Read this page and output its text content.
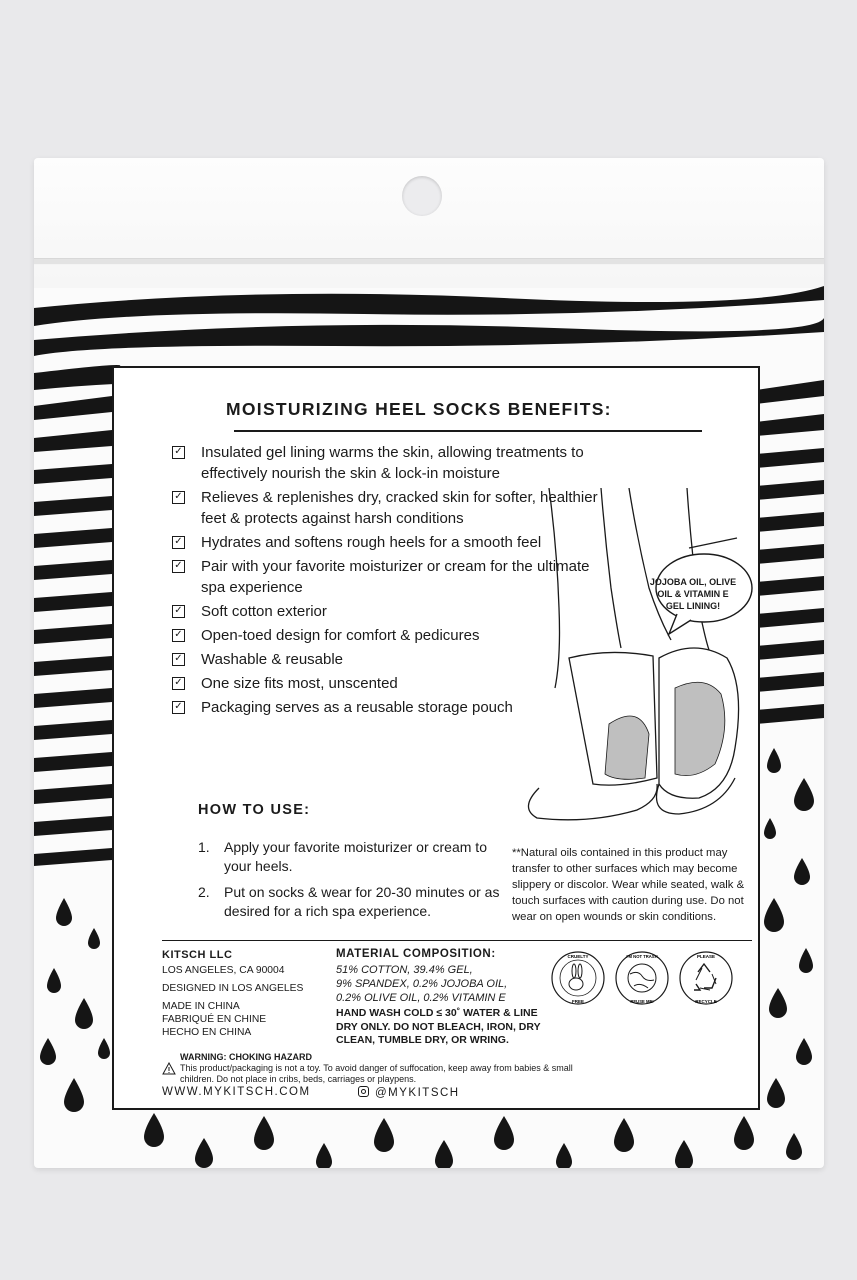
MOISTURIZING HEEL SOCKS BENEFITS:
✓ Insulated gel lining warms the skin, allowing treatments to effectively nourish the skin & lock-in moisture
✓ Relieves & replenishes dry, cracked skin for softer, healthier feet & protects against harsh conditions
✓ Hydrates and softens rough heels for a smooth feel
✓ Pair with your favorite moisturizer or cream for the ultimate spa experience
✓ Soft cotton exterior
✓ Open-toed design for comfort & pedicures
✓ Washable & reusable
✓ One size fits most, unscented
✓ Packaging serves as a reusable storage pouch
JOJOBA OIL, OLIVE OIL & VITAMIN E GEL LINING!
HOW TO USE:
1.	Apply your favorite moisturizer or cream to your heels.
2.	Put on socks & wear for 20-30 minutes or as desired for a rich spa experience.
**Natural oils contained in this product may transfer to other surfaces which may become slippery or discolor. Wear while seated, walk & touch surfaces with caution during use. Do not wear on open wounds or skin conditions.
KITSCH LLC
LOS ANGELES, CA 90004
DESIGNED IN LOS ANGELES
MADE IN CHINA
FABRIQUÉ EN CHINE
HECHO EN CHINA
MATERIAL COMPOSITION:
51% COTTON, 39.4% GEL,
9% SPANDEX, 0.2% JOJOBA OIL,
0.2% OLIVE OIL, 0.2% VITAMIN E
HAND WASH COLD ≤ 30˚ WATER & LINE DRY ONLY. DO NOT BLEACH, IRON, DRY CLEAN, TUMBLE DRY, OR WRING.
CRUELTY
FREE
I'M NOT TRASH
REUSE ME!
PLEASE
RECYCLE
WARNING: CHOKING HAZARD
This product/packaging is not a toy. To avoid danger of suffocation, keep away from babies & small children. Do not place in cribs, beds, carriages or playpens.
WWW.MYKITSCH.COM	@MYKITSCH
